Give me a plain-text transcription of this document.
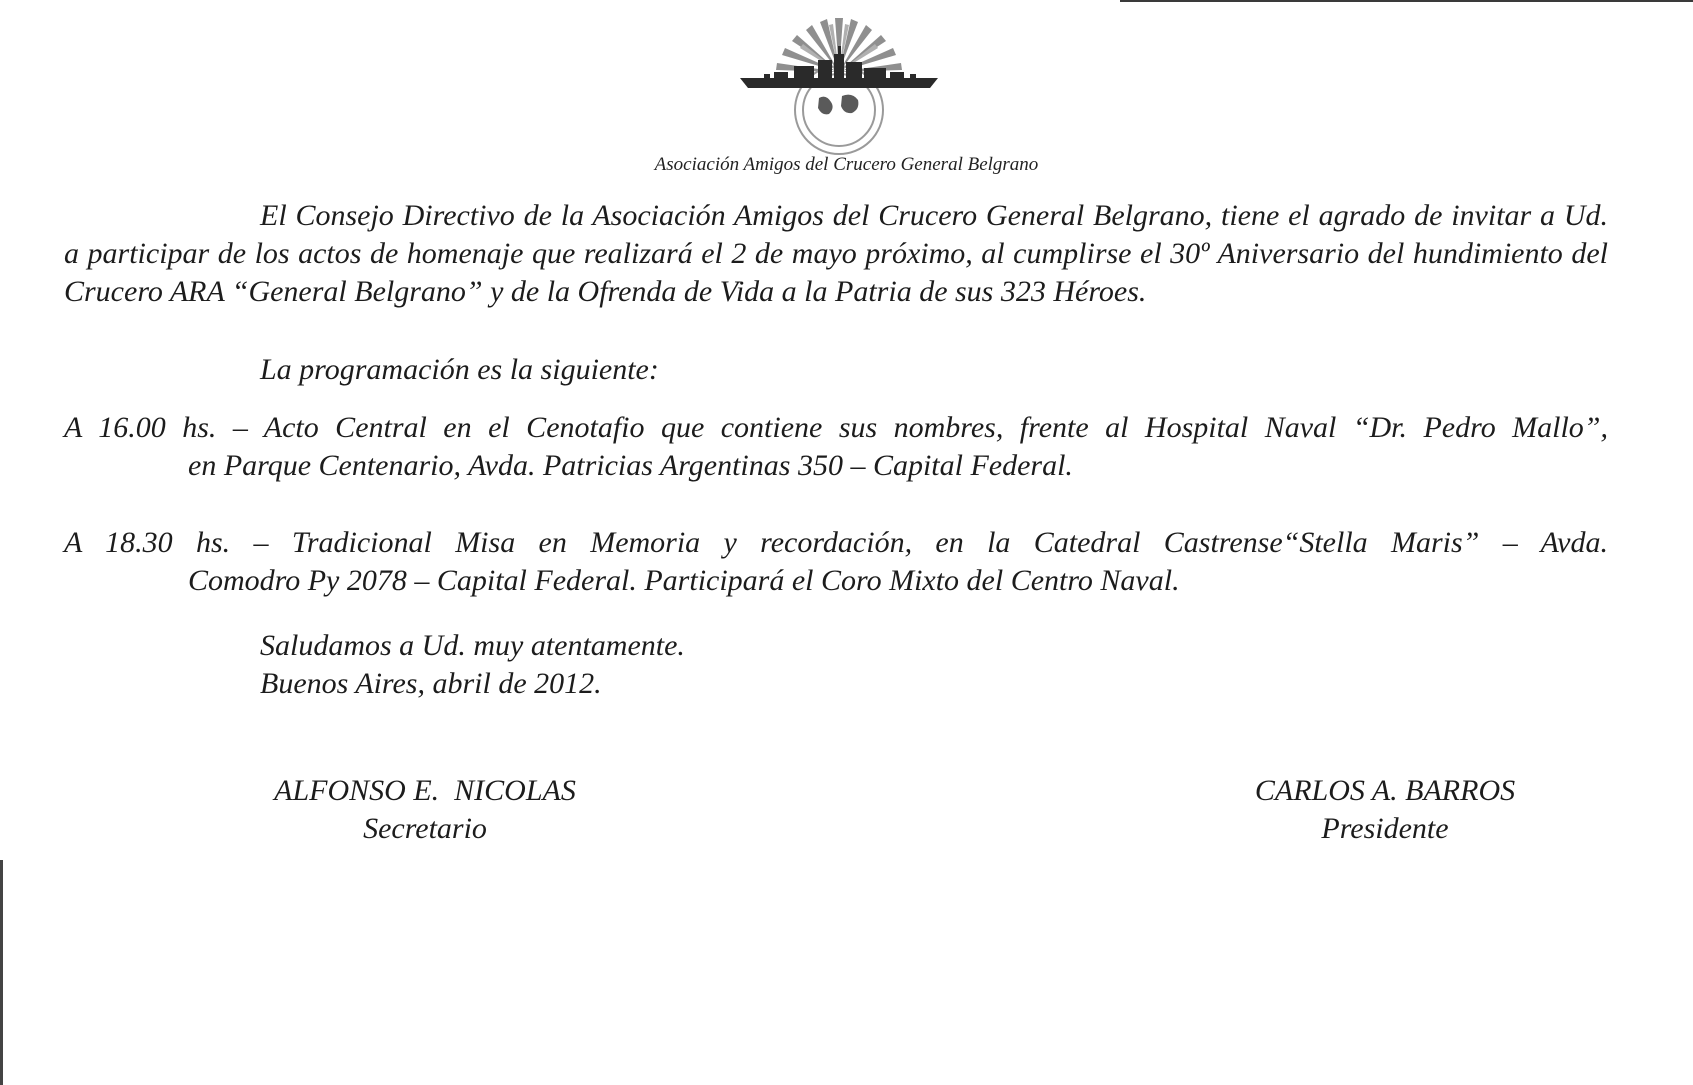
Asociación Amigos del Crucero General Belgrano

El Consejo Directivo de la Asociación Amigos del Crucero General Belgrano, tiene el agrado de invitar a Ud. a participar de los actos de homenaje que realizará el 2 de mayo próximo, al cumplirse el 30º Aniversario del hundimiento del Crucero ARA “General Belgrano” y de la Ofrenda de Vida a la Patria de sus 323 Héroes.

La programación es la siguiente:
A 16.00 hs. – Acto Central en el Cenotafio que contiene sus nombres, frente al Hospital Naval “Dr. Pedro Mallo”,
en Parque Centenario, Avda. Patricias Argentinas 350 – Capital Federal.
A 18.30 hs. – Tradicional Misa en Memoria y recordación, en la Catedral Castrense“Stella Maris” – Avda.
Comodro Py 2078 – Capital Federal. Participará el Coro Mixto del Centro Naval.
Saludamos a Ud. muy atentamente.
Buenos Aires, abril de 2012.
ALFONSO E.  NICOLAS
Secretario
CARLOS A. BARROS
Presidente
